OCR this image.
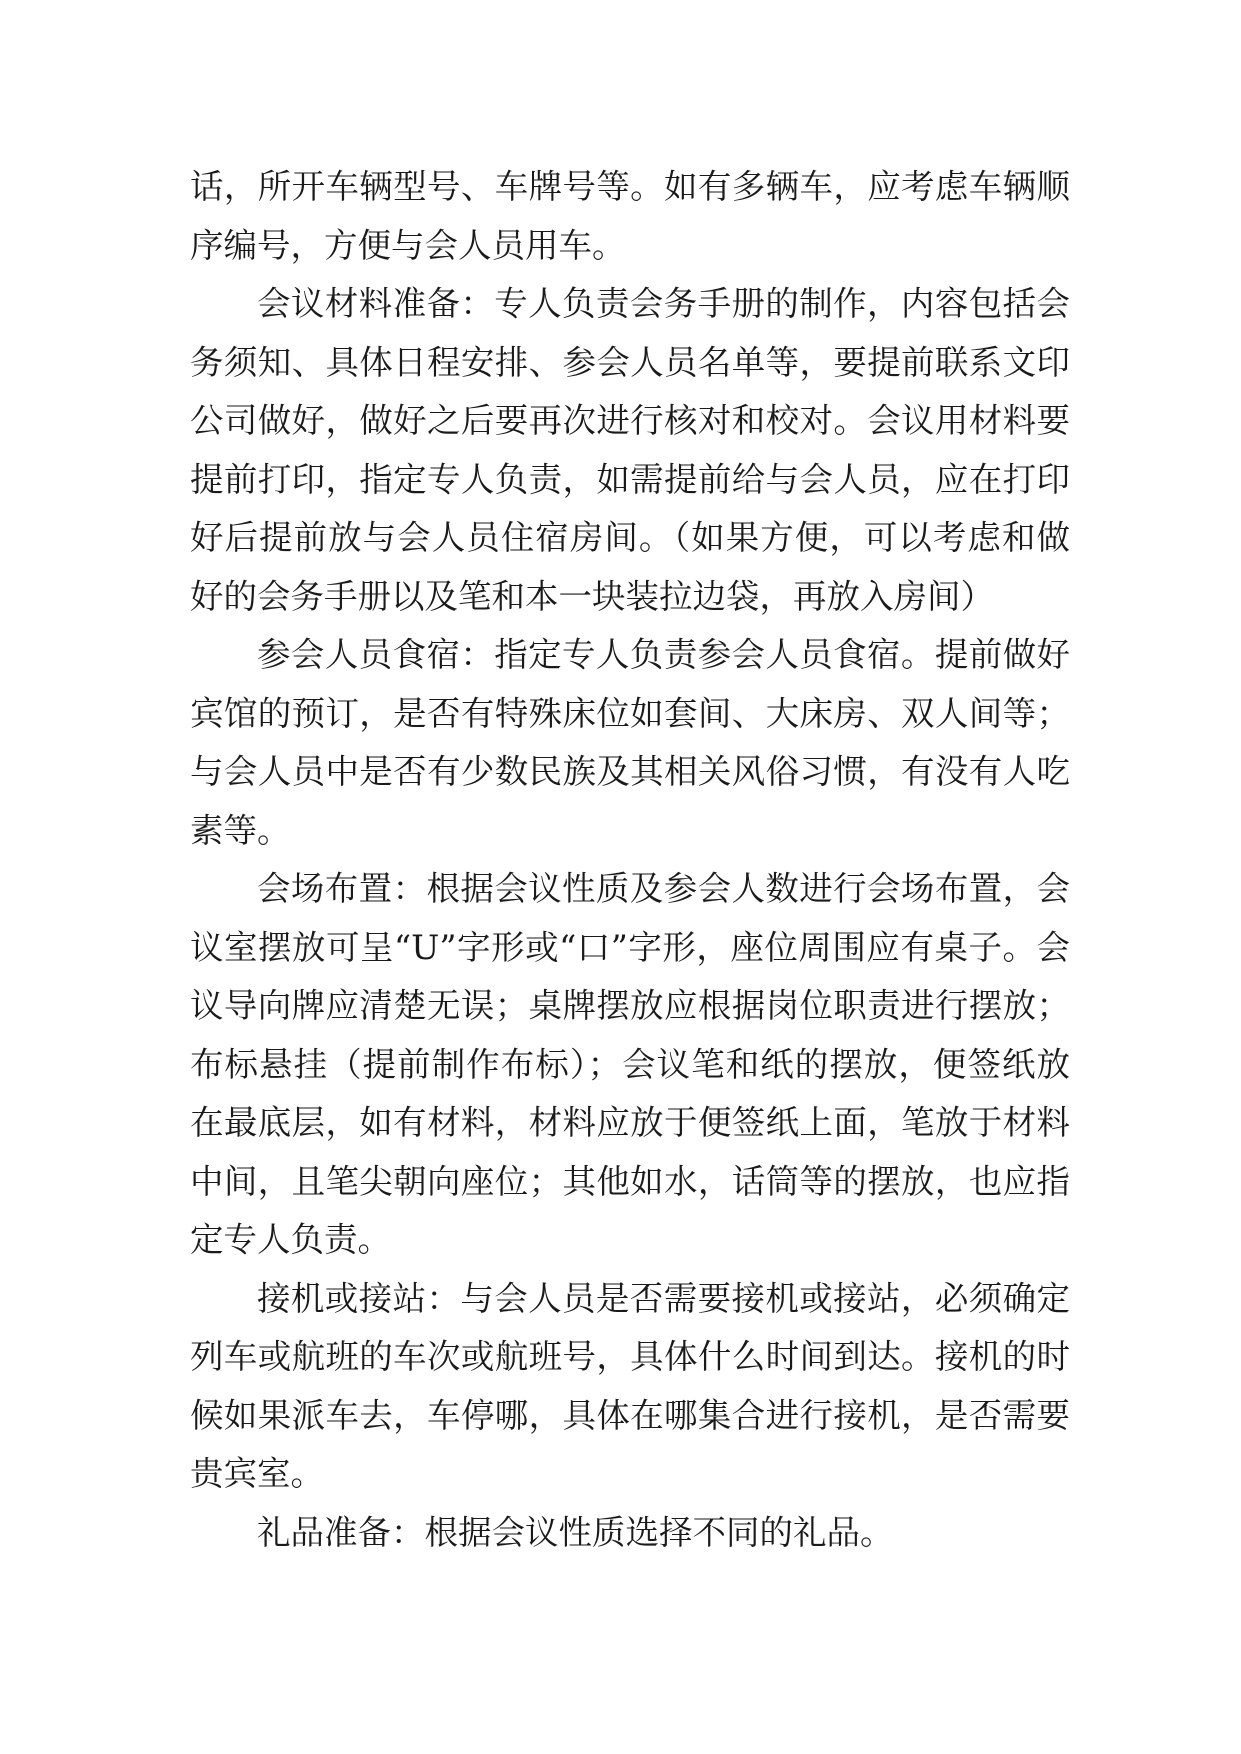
话，所开车辆型号、车牌号等。如有多辆车，应考虑车辆顺序编号，方便与会人员用车。

会议材料准备：专人负责会务手册的制作，内容包括会务须知、具体日程安排、参会人员名单等，要提前联系文印公司做好，做好之后要再次进行核对和校对。会议用材料要提前打印，指定专人负责，如需提前给与会人员，应在打印好后提前放与会人员住宿房间。（如果方便，可以考虑和做好的会务手册以及笔和本一块装拉边袋，再放入房间）

参会人员食宿：指定专人负责参会人员食宿。提前做好宾馆的预订，是否有特殊床位如套间、大床房、双人间等；与会人员中是否有少数民族及其相关风俗习惯，有没有人吃素等。

会场布置：根据会议性质及参会人数进行会场布置，会议室摆放可呈“U”字形或“口”字形，座位周围应有桌子。会议导向牌应清楚无误；桌牌摆放应根据岗位职责进行摆放；布标悬挂（提前制作布标）；会议笔和纸的摆放，便签纸放在最底层，如有材料，材料应放于便签纸上面，笔放于材料中间，且笔尖朝向座位；其他如水，话筒等的摆放，也应指定专人负责。

接机或接站：与会人员是否需要接机或接站，必须确定列车或航班的车次或航班号，具体什么时间到达。接机的时候如果派车去，车停哪，具体在哪集合进行接机，是否需要贵宾室。

礼品准备：根据会议性质选择不同的礼品。
